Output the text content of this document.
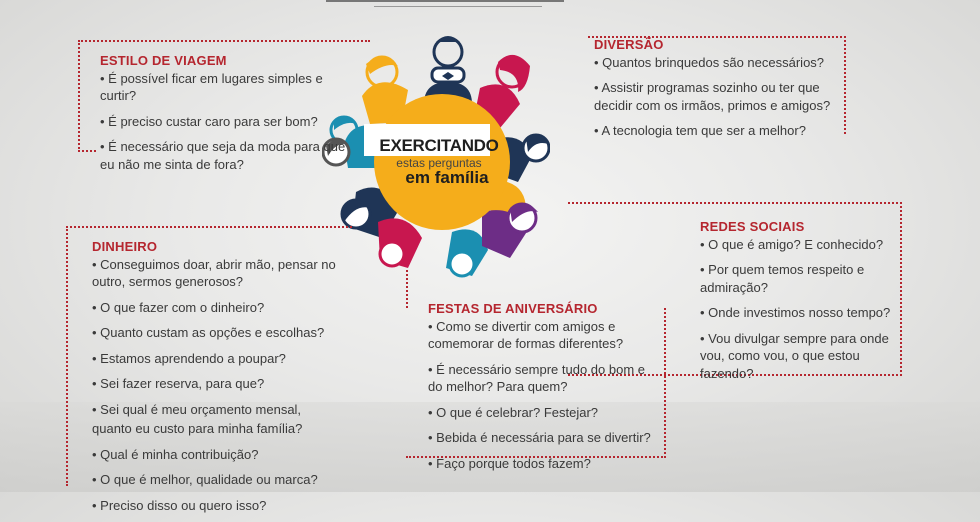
EXERCITANDO
estas perguntas
em família
ESTILO DE VIAGEM

• É possível ficar em lugares simples e curtir?

• É preciso custar caro para ser bom?

• É necessário que seja da moda para que eu não me sinta de fora?

DIVERSÃO

• Quantos brinquedos são necessários?

• Assistir programas sozinho ou ter que decidir com os irmãos, primos e amigos?

• A tecnologia tem que ser a melhor?

DINHEIRO

• Conseguimos doar, abrir mão, pensar no outro, sermos generosos?

• O que fazer com o dinheiro?

• Quanto custam as opções e escolhas?

• Estamos aprendendo a poupar?

• Sei fazer reserva, para que?

• Sei qual é meu orçamento mensal,

quanto eu custo para minha família?

• Qual é minha contribuição?

• O que é melhor, qualidade ou marca?

• Preciso disso ou quero isso?

FESTAS DE ANIVERSÁRIO

• Como se divertir com amigos e comemorar de formas diferentes?

• É necessário sempre tudo do bom e do melhor? Para quem?

• O que é celebrar? Festejar?

• Bebida é necessária para se divertir?

• Faço porque todos fazem?

REDES SOCIAIS

• O que é amigo? E conhecido?

• Por quem temos respeito e admiração?

• Onde investimos nosso tempo?

• Vou divulgar sempre para onde vou, como vou, o que estou fazendo?
